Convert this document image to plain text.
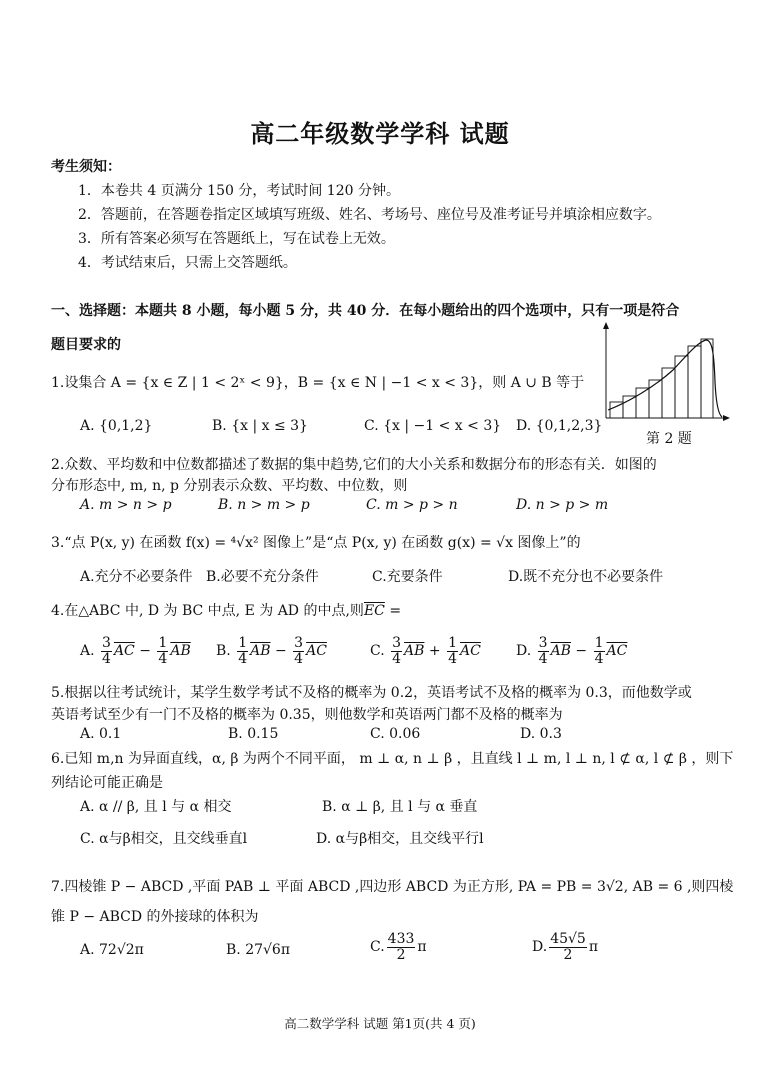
高二年级数学学科 试题
考生须知：
1．本卷共 4 页满分 150 分，考试时间 120 分钟。
2．答题前，在答题卷指定区域填写班级、姓名、考场号、座位号及准考证号并填涂相应数字。
3．所有答案必须写在答题纸上，写在试卷上无效。
4．考试结束后，只需上交答题纸。
一、选择题：本题共 8 小题，每小题 5 分，共 40 分．在每小题给出的四个选项中，只有一项是符合
题目要求的
第 2 题
1.设集合 A = {x ∈ Z | 1 < 2ˣ < 9}，B = {x ∈ N | −1 < x < 3}，则 A ∪ B 等于
A. {0,1,2}	B. {x | x ≤ 3}	C. {x | −1 < x < 3} D. {0,1,2,3}
2.众数、平均数和中位数都描述了数据的集中趋势,它们的大小关系和数据分布的形态有关．如图的
分布形态中, m, n, p 分别表示众数、平均数、中位数，则
A. m > n > p	B. n > m > p	C. m > p > n	D. n > p > m
3.“点 P(x, y) 在函数 f(x) = ⁴√x² 图像上”是“点 P(x, y) 在函数 g(x) = √x 图像上”的
A.充分不必要条件 B.必要不充分条件	C.充要条件	D.既不充分也不必要条件
4.在△ABC 中, D 为 BC 中点, E 为 AD 的中点,则$\overline{EC}$ =
A. $\frac{3}{4} \overline{AC} - \frac{1}{4} \overline{AB}$ B. $\frac{1}{4} \overline{AB} - \frac{3}{4} \overline{AC}$	C. $\frac{3}{4} \overline{AB} + \frac{1}{4} \overline{AC}$	D. $\frac{3}{4} \overline{AB} - \frac{1}{4} \overline{AC}$
5.根据以往考试统计，某学生数学考试不及格的概率为 0.2，英语考试不及格的概率为 0.3，而他数学或
英语考试至少有一门不及格的概率为 0.35，则他数学和英语两门都不及格的概率为
A. 0.1	B. 0.15	C. 0.06	D. 0.3
6.已知 m,n 为异面直线，α, β 为两个不同平面， m ⊥ α, n ⊥ β ，且直线 l ⊥ m, l ⊥ n, l ⊄ α, l ⊄ β ，则下
列结论可能正确是
A. α // β, 且 l 与 α 相交	B. α ⊥ β, 且 l 与 α 垂直
C. α与β相交，且交线垂直l	D. α与β相交，且交线平行l
7.四棱锥 P − ABCD ,平面 PAB ⊥ 平面 ABCD ,四边形 ABCD 为正方形, PA = PB = 3√2, AB = 6 ,则四棱
锥 P − ABCD 的外接球的体积为
A. 72√2π	B. 27√6π	C. $\frac{433}{2}$ π	D. $\frac{45√5}{2}$ π
高二数学学科 试题 第1页(共 4 页)
